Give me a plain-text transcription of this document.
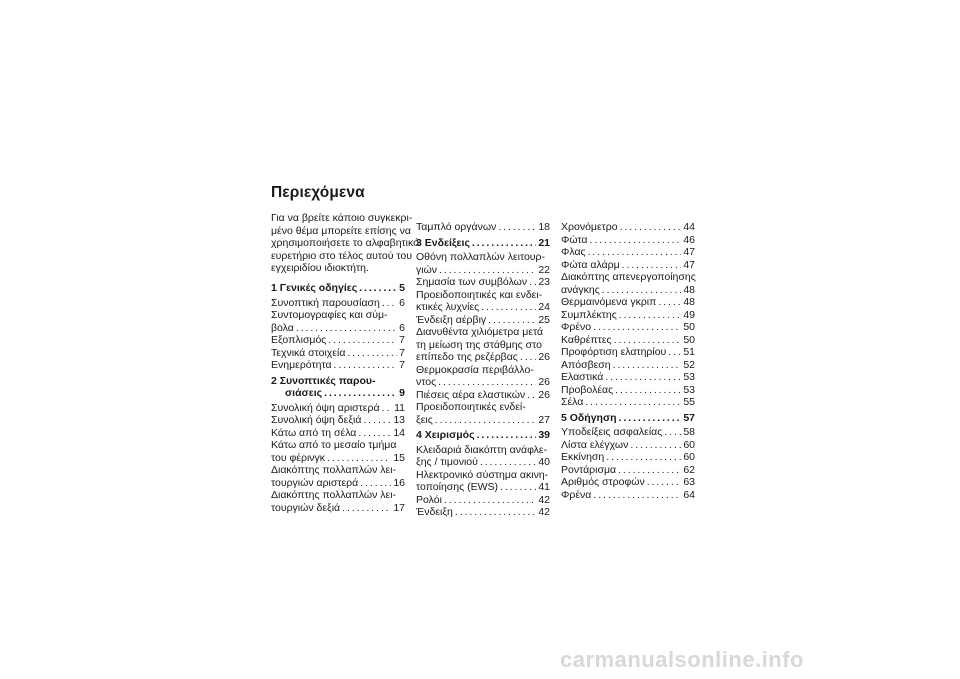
Περιεχόμενα
Για να βρείτε κάποιο συγκεκρι-
μένο θέμα μπορείτε επίσης να
χρησιμοποιήσετε το αλφαβητικό
ευρετήριο στο τέλος αυτού του
εγχειριδίου ιδιοκτήτη.
1 Γενικές οδηγίες . . .	5
Συνοπτική παρουσίαση . . . 6
Συντομογραφίες και σύμ-
βολα . . .	6
Εξοπλισμός . . .	7
Τεχνικά στοιχεία . . .	7
Ενημερότητα . . .	7
2 Συνοπτικές παρου-
σιάσεις . . .	9
Συνολική όψη αριστερά . . . 11
Συνολική όψη δεξιά . . .	13
Κάτω από τη σέλα . . .	14
Κάτω από το μεσαίο τμήμα
του φέρινγκ . . .	15
Διακόπτης πολλαπλών λει-
τουργιών αριστερά . . .	16
Διακόπτης πολλαπλών λει-
τουργιών δεξιά . . .	17
Ταμπλό οργάνων . . .	18
3 Ενδείξεις . . .	21
Οθόνη πολλαπλών λειτουρ-
γιών . . .	22
Σημασία των συμβόλων . . . 23
Προειδοποιητικές και ενδει-
κτικές λυχνίες . . .	24
Ένδειξη αέρβιγ . . .	25
Διανυθέντα χιλιόμετρα μετά
τη μείωση της στάθμης στο
επίπεδο της ρεζέρβας . . . 26
Θερμοκρασία περιβάλλο-
ντος . . .	26
Πιέσεις αέρα ελαστικών . . . 26
Προειδοποιητικές ενδεί-
ξεις . . .	27
4 Χειρισμός . . .	39
Κλειδαριά διακόπτη ανάφλε-
ξης / τιμονιού . . .	40
Ηλεκτρονικό σύστημα ακινη-
τοποίησης (EWS) . . .	41
Ρολόι . . .	42
Ένδειξη . . .	42
Χρονόμετρο . . .	44
Φώτα . . .	46
Φλας . . .	47
Φώτα αλάρμ . . .	47
Διακόπτης απενεργοποίησης
ανάγκης . . .	48
Θερμαινόμενα γκριπ . . .	48
Συμπλέκτης . . .	49
Φρένο . . .	50
Καθρέπτες . . .	50
Προφόρτιση ελατηρίου . . . 51
Απόσβεση . . .	52
Ελαστικά . . .	53
Προβολέας . . .	53
Σέλα . . .	55
5 Οδήγηση . . .	57
Υποδείξεις ασφαλείας . . . 58
Λίστα ελέγχων . . .	60
Εκκίνηση . . .	60
Ροντάρισμα . . .	62
Αριθμός στροφών . . .	63
Φρένα . . .	64
carmanualsonline.info
